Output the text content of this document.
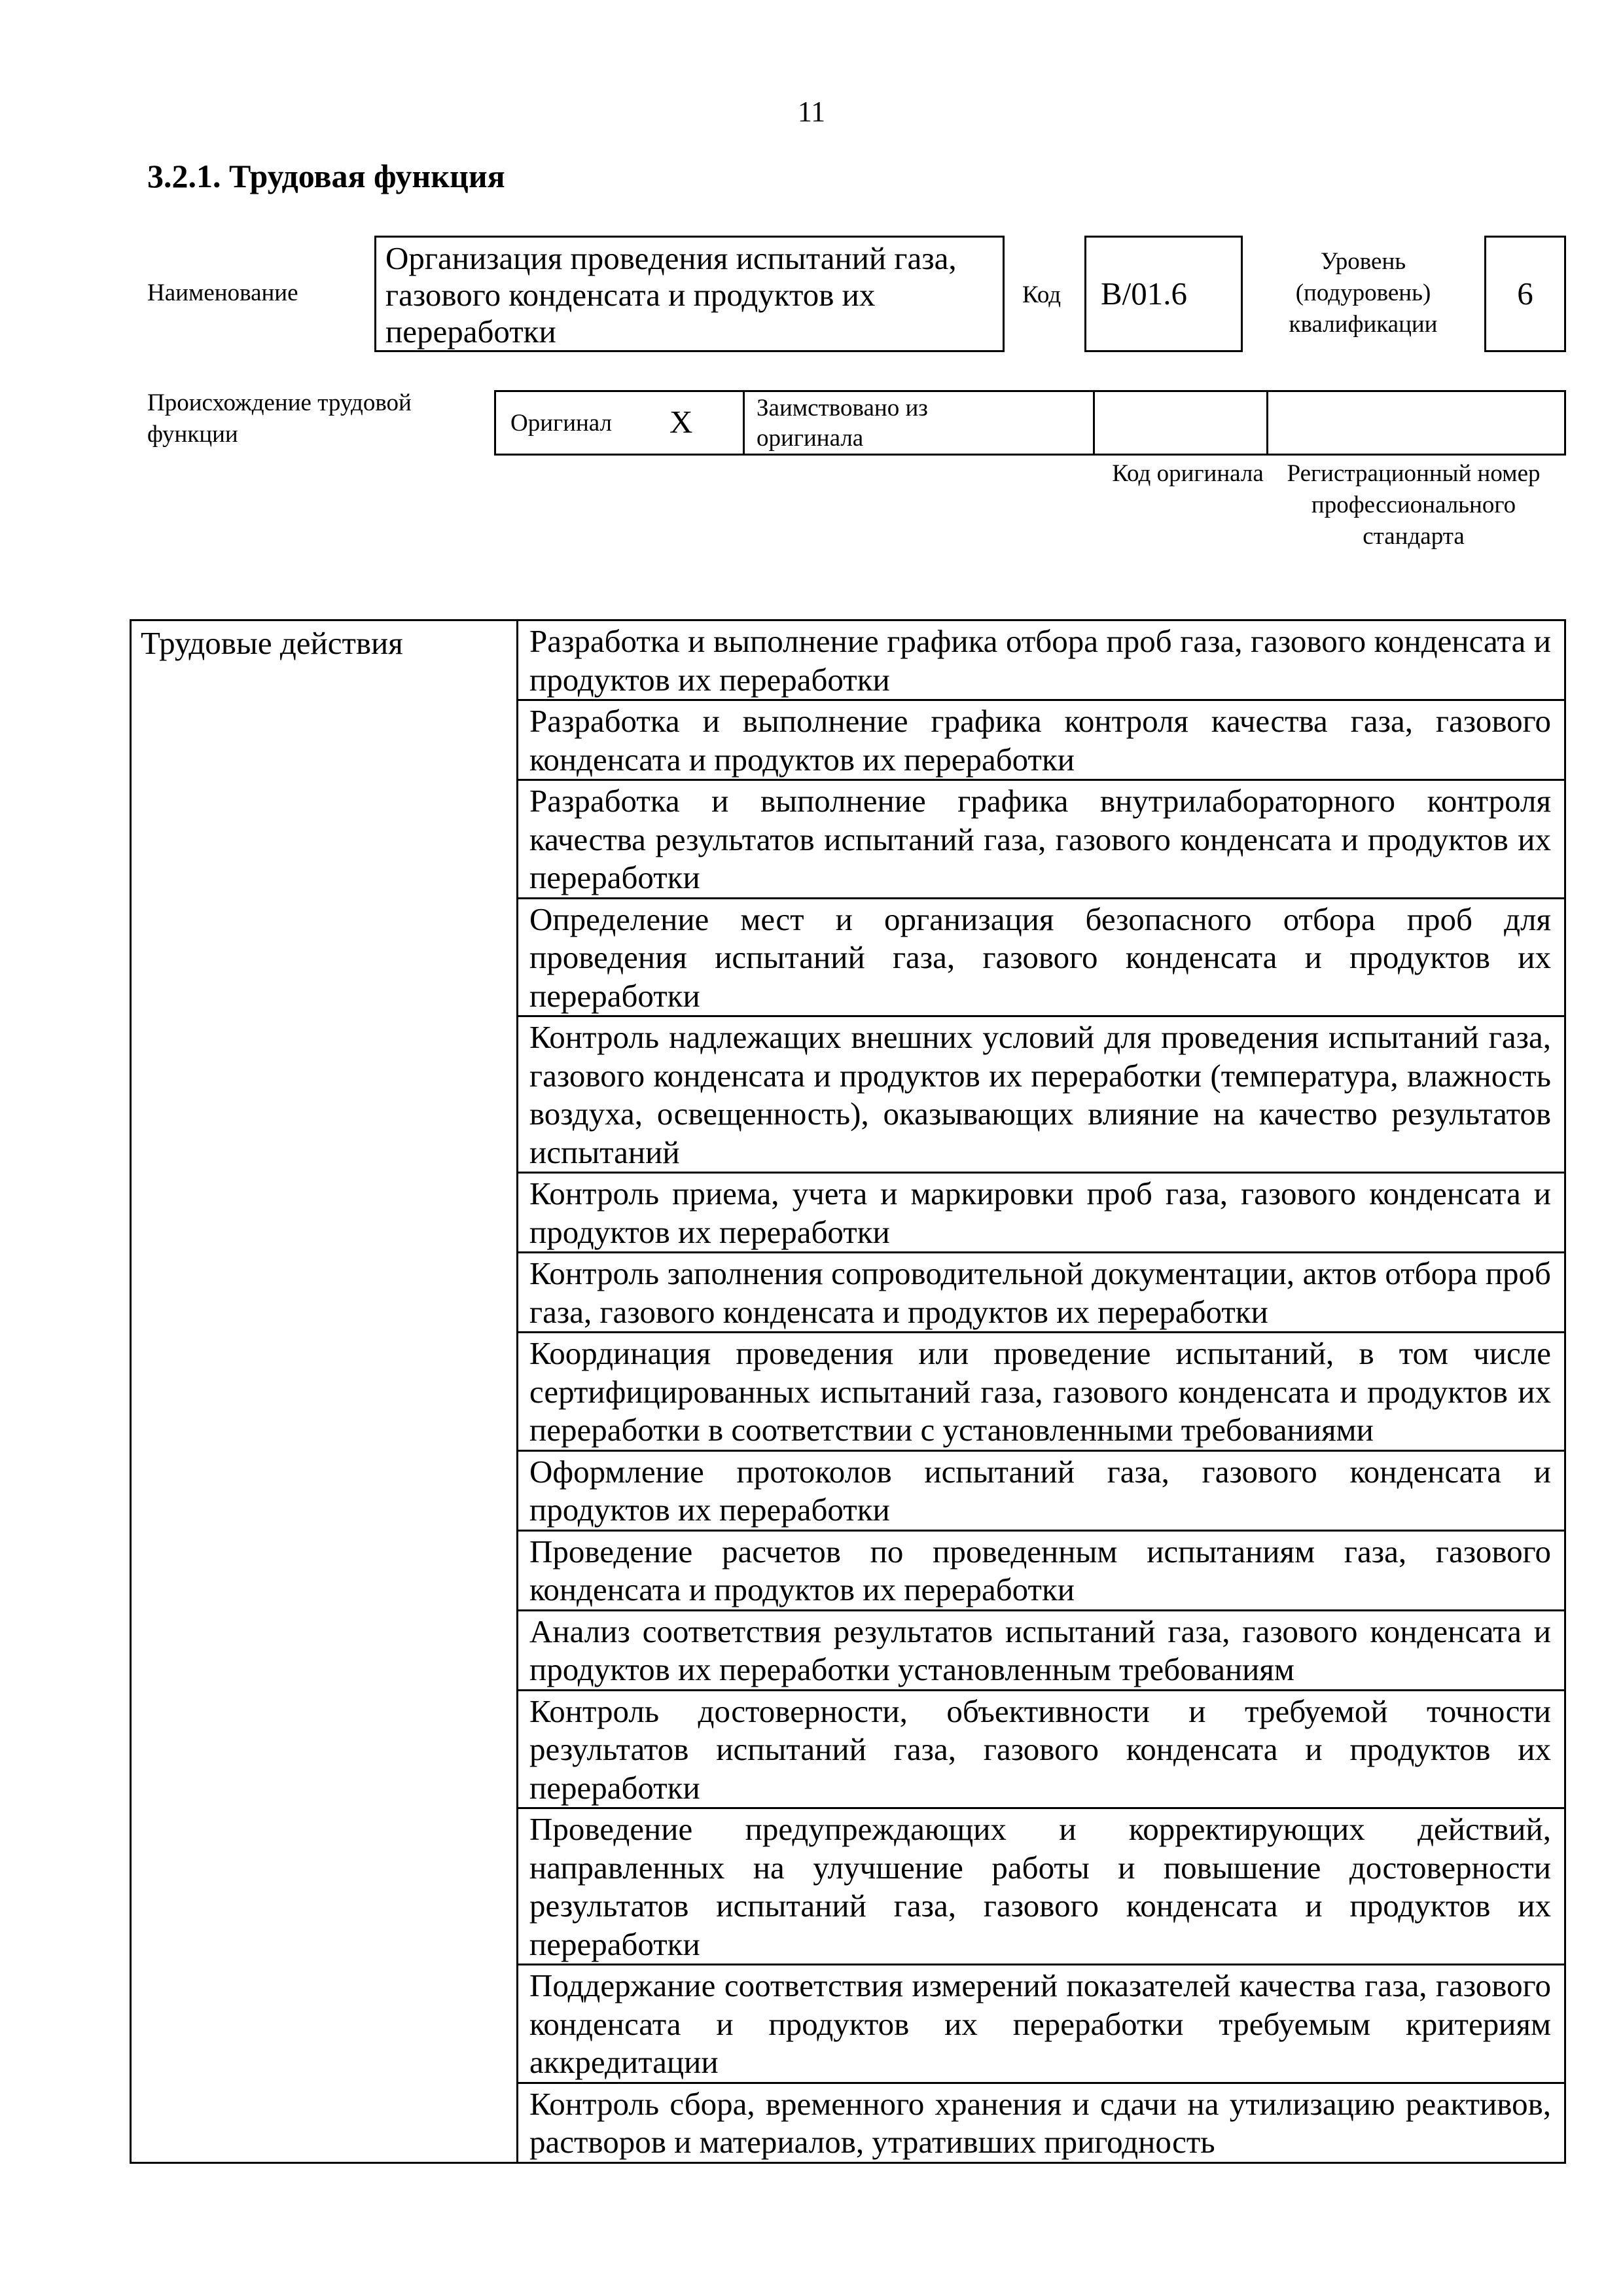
11
3.2.1. Трудовая функция
Наименование
Организация проведения испытаний газа, газового конденсата и продуктов их переработки
Код B/01.6
Уровень (подуровень) квалификации
6
Происхождение трудовой функции	Оригинал X	Заимствовано из оригинала
Код оригинала Регистрационный номер профессионального стандарта
Трудовые действия	Разработка и выполнение графика отбора проб газа, газового конденсата и продуктов их переработки
Разработка и выполнение графика контроля качества газа, газового конденсата и продуктов их переработки
Разработка и выполнение графика внутрилабораторного контроля качества результатов испытаний газа, газового конденсата и продуктов их переработки
Определение мест и организация безопасного отбора проб для проведения испытаний газа, газового конденсата и продуктов их переработки
Контроль надлежащих внешних условий для проведения испытаний газа, газового конденсата и продуктов их переработки (температура, влажность воздуха, освещенность), оказывающих влияние на качество результатов испытаний
Контроль приема, учета и маркировки проб газа, газового конденсата и продуктов их переработки
Контроль заполнения сопроводительной документации, актов отбора проб газа, газового конденсата и продуктов их переработки
Координация проведения или проведение испытаний, в том числе сертифицированных испытаний газа, газового конденсата и продуктов их переработки в соответствии с установленными требованиями
Оформление протоколов испытаний газа, газового конденсата и продуктов их переработки
Проведение расчетов по проведенным испытаниям газа, газового конденсата и продуктов их переработки
Анализ соответствия результатов испытаний газа, газового конденсата и продуктов их переработки установленным требованиям
Контроль достоверности, объективности и требуемой точности результатов испытаний газа, газового конденсата и продуктов их переработки
Проведение предупреждающих и корректирующих действий, направленных на улучшение работы и повышение достоверности результатов испытаний газа, газового конденсата и продуктов их переработки
Поддержание соответствия измерений показателей качества газа, газового конденсата и продуктов их переработки требуемым критериям аккредитации
Контроль сбора, временного хранения и сдачи на утилизацию реактивов, растворов и материалов, утративших пригодность
